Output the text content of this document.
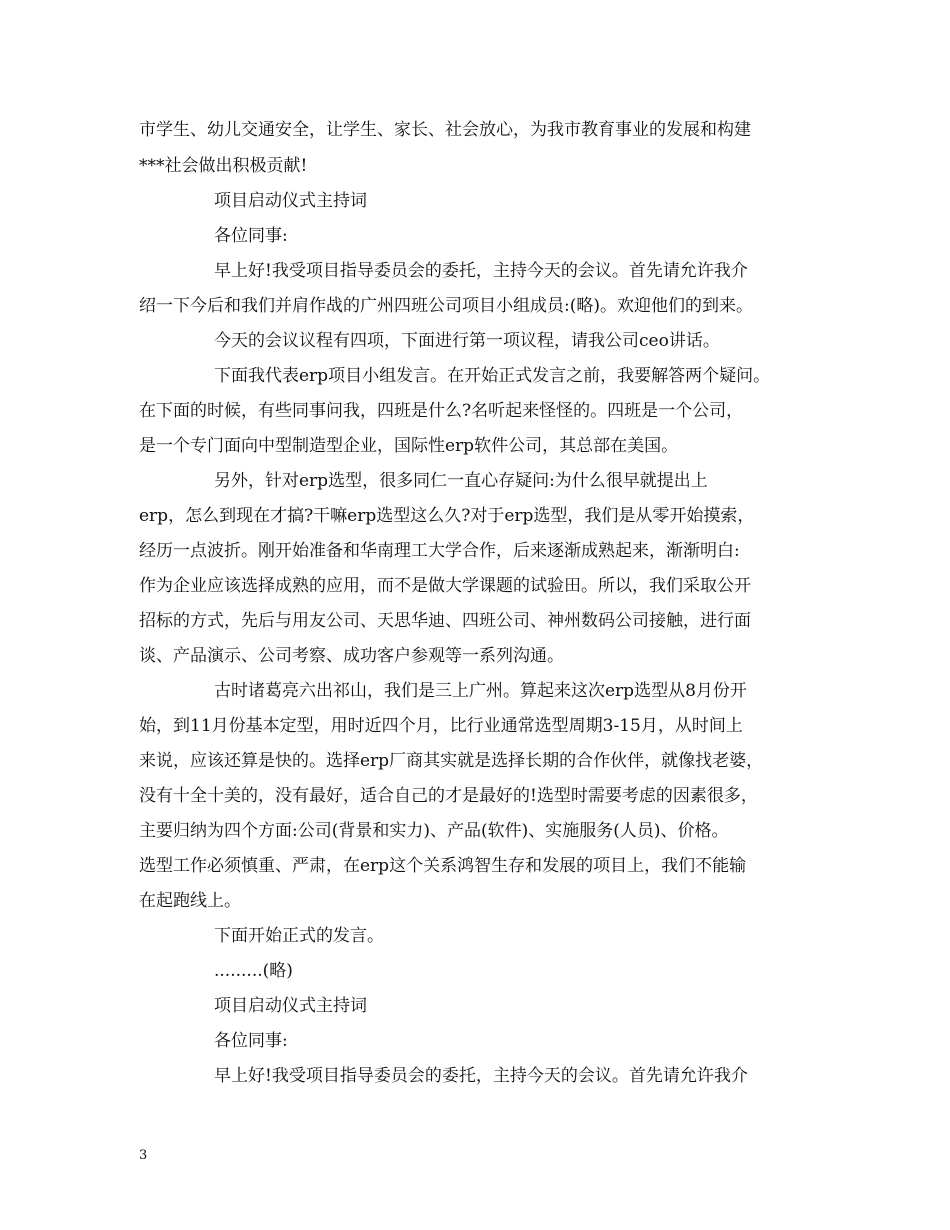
市学生、幼儿交通安全，让学生、家长、社会放心，为我市教育事业的发展和构建
***社会做出积极贡献!
项目启动仪式主持词
各位同事:
早上好!我受项目指导委员会的委托，主持今天的会议。首先请允许我介
绍一下今后和我们并肩作战的广州四班公司项目小组成员:(略)。欢迎他们的到来。
今天的会议议程有四项，下面进行第一项议程，请我公司ceo讲话。
下面我代表erp项目小组发言。在开始正式发言之前，我要解答两个疑问。
在下面的时候，有些同事问我，四班是什么?名听起来怪怪的。四班是一个公司，
是一个专门面向中型制造型企业，国际性erp软件公司，其总部在美国。
另外，针对erp选型，很多同仁一直心存疑问:为什么很早就提出上
erp，怎么到现在才搞?干嘛erp选型这么久?对于erp选型，我们是从零开始摸索，
经历一点波折。刚开始准备和华南理工大学合作，后来逐渐成熟起来，渐渐明白:
作为企业应该选择成熟的应用，而不是做大学课题的试验田。所以，我们采取公开
招标的方式，先后与用友公司、天思华迪、四班公司、神州数码公司接触，进行面
谈、产品演示、公司考察、成功客户参观等一系列沟通。
古时诸葛亮六出祁山，我们是三上广州。算起来这次erp选型从8月份开
始，到11月份基本定型，用时近四个月，比行业通常选型周期3-15月，从时间上
来说，应该还算是快的。选择erp厂商其实就是选择长期的合作伙伴，就像找老婆，
没有十全十美的，没有最好，适合自己的才是最好的!选型时需要考虑的因素很多，
主要归纳为四个方面:公司(背景和实力)、产品(软件)、实施服务(人员)、价格。
选型工作必须慎重、严肃，在erp这个关系鸿智生存和发展的项目上，我们不能输
在起跑线上。
下面开始正式的发言。
.........(略)
项目启动仪式主持词
各位同事:
早上好!我受项目指导委员会的委托，主持今天的会议。首先请允许我介
3
